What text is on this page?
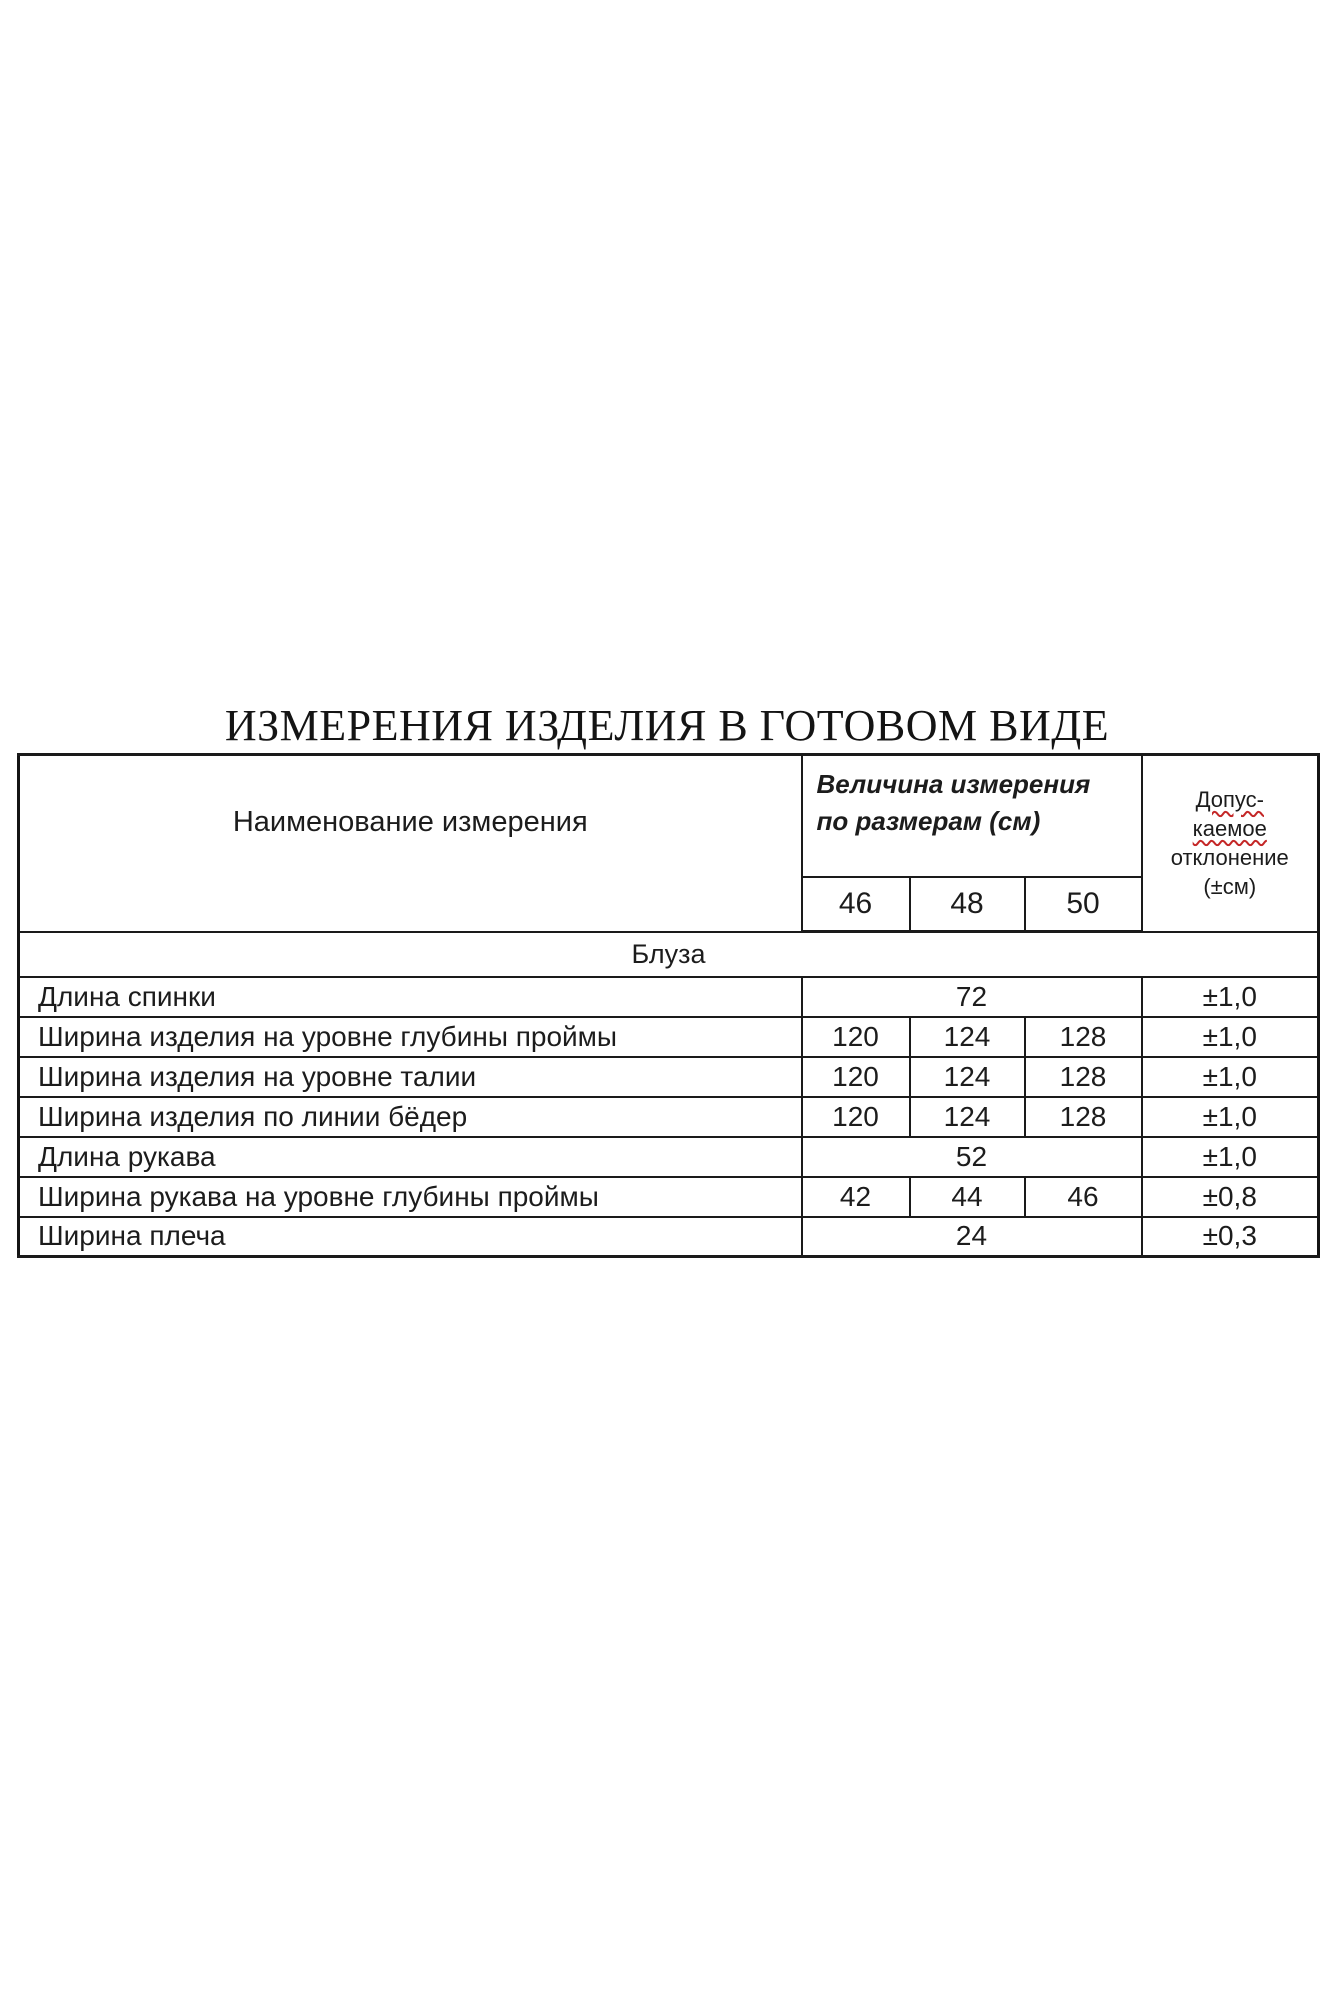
ИЗМЕРЕНИЯ ИЗДЕЛИЯ В ГОТОВОМ ВИДЕ
Наименование измерения	Величина измерения по размерам (см)			Допус-
каемое
отклонение
(±см)

	46	48	50	
Блуза				
Длина спинки	72			±1,0
Ширина изделия на уровне глубины проймы	120	124	128	±1,0
Ширина изделия на уровне талии	120	124	128	±1,0
Ширина изделия по линии бёдер	120	124	128	±1,0
Длина рукава	52			±1,0
Ширина рукава на уровне глубины проймы	42	44	46	±0,8
Ширина плеча	24			±0,3
